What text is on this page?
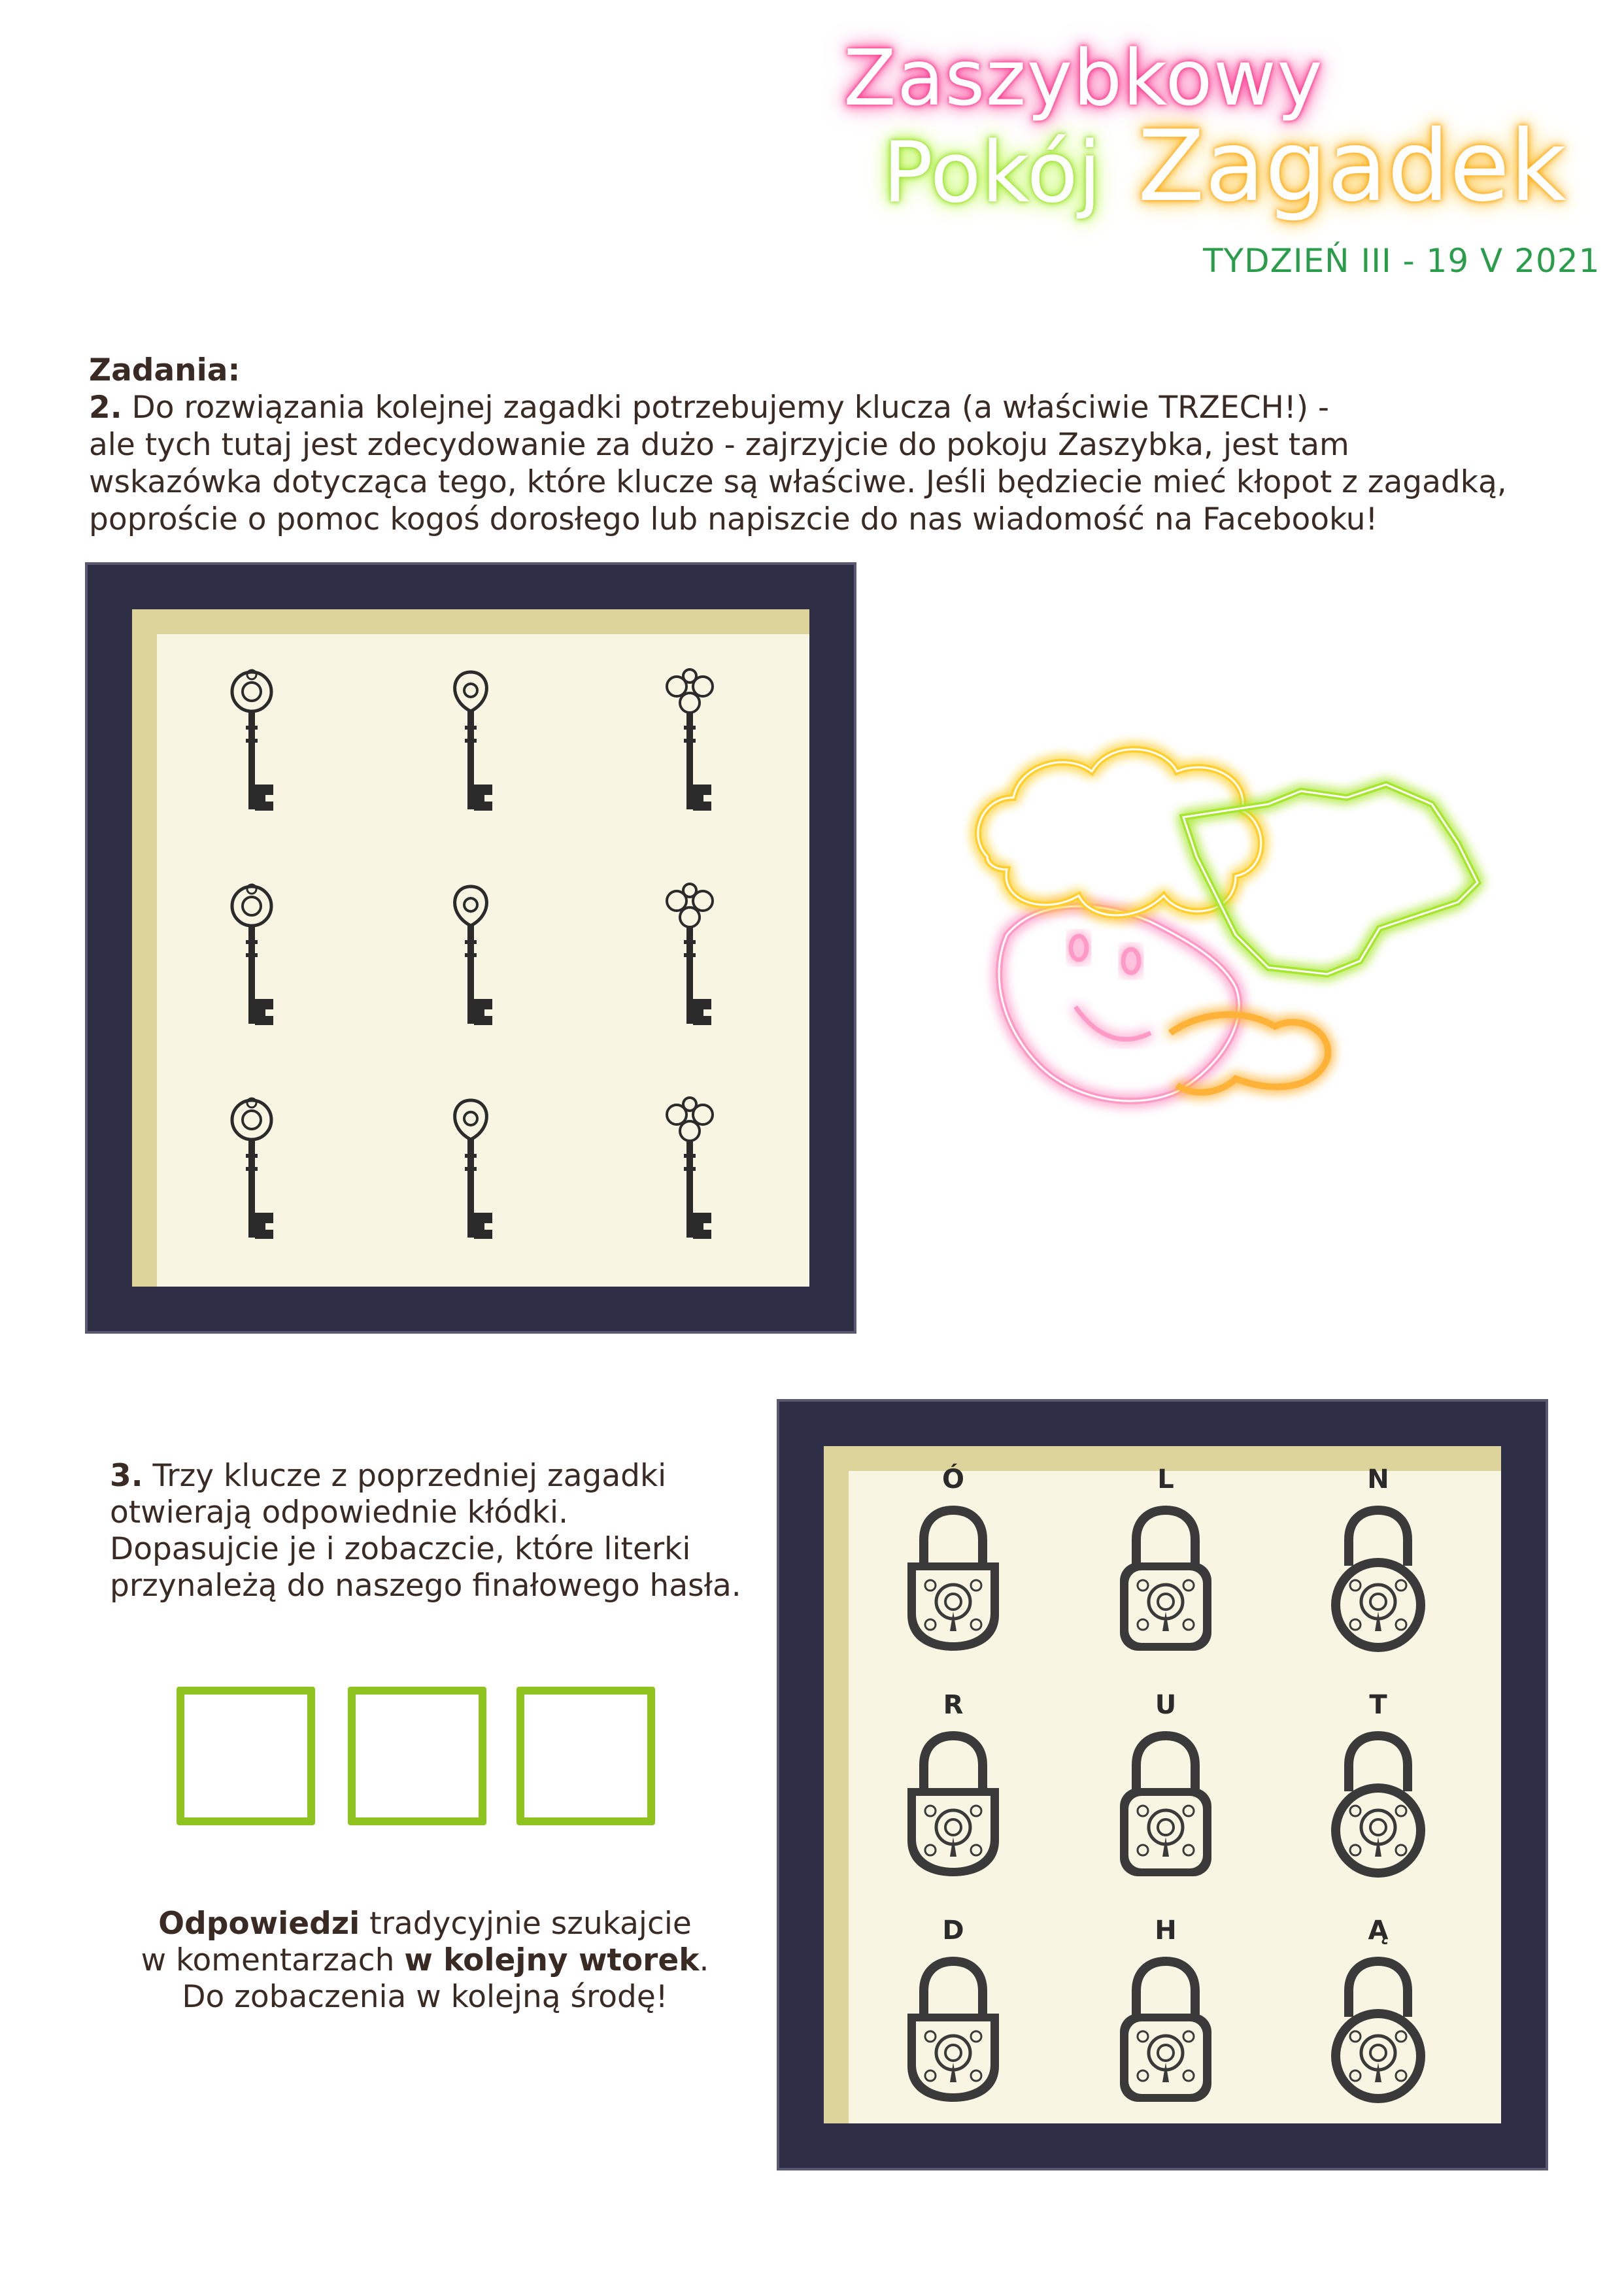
Zaszybkowy
Pokój Zagadek
TYDZIEŃ III - 19 V 2021

Zadania:

2. Do rozwiązania kolejnej zagadki potrzebujemy klucza (a właściwie TRZECH!) -

ale tych tutaj jest zdecydowanie za dużo - zajrzyjcie do pokoju Zaszybka, jest tam

wskazówka dotycząca tego, które klucze są właściwe. Jeśli będziecie mieć kłopot z zagadką,

poproście o pomoc kogoś dorosłego lub napiszcie do nas wiadomość na Facebooku!

3. Trzy klucze z poprzedniej zagadki
otwierają odpowiednie kłódki.
Dopasujcie je i zobaczcie, które literki
przynależą do naszego finałowego hasła.
Odpowiedzi tradycyjnie szukajcie
w komentarzach w kolejny wtorek.
Do zobaczenia w kolejną środę!
Ó	L	N
R	U	T
D	H	Ą
